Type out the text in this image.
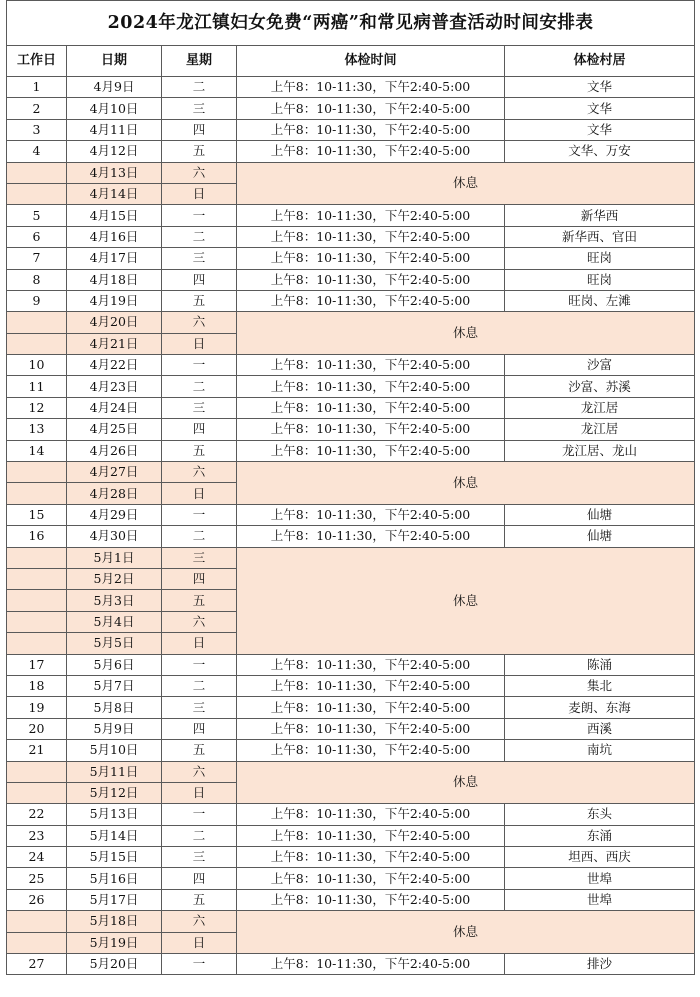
2024年龙江镇妇女免费“两癌”和常见病普查活动时间安排表				
工作日	日期	星期	体检时间	体检村居
1	4月9日	二	上午8：10-11:30，下午2:40-5:00	文华
2	4月10日	三	上午8：10-11:30，下午2:40-5:00	文华
3	4月11日	四	上午8：10-11:30，下午2:40-5:00	文华
4	4月12日	五	上午8：10-11:30，下午2:40-5:00	文华、万安
	4月13日	六	休息	
	4月14日	日		
5	4月15日	一	上午8：10-11:30，下午2:40-5:00	新华西
6	4月16日	二	上午8：10-11:30，下午2:40-5:00	新华西、官田
7	4月17日	三	上午8：10-11:30，下午2:40-5:00	旺岗
8	4月18日	四	上午8：10-11:30，下午2:40-5:00	旺岗
9	4月19日	五	上午8：10-11:30，下午2:40-5:00	旺岗、左滩
	4月20日	六	休息	
	4月21日	日		
10	4月22日	一	上午8：10-11:30，下午2:40-5:00	沙富
11	4月23日	二	上午8：10-11:30，下午2:40-5:00	沙富、苏溪
12	4月24日	三	上午8：10-11:30，下午2:40-5:00	龙江居
13	4月25日	四	上午8：10-11:30，下午2:40-5:00	龙江居
14	4月26日	五	上午8：10-11:30，下午2:40-5:00	龙江居、龙山
	4月27日	六	休息	
	4月28日	日		
15	4月29日	一	上午8：10-11:30，下午2:40-5:00	仙塘
16	4月30日	二	上午8：10-11:30，下午2:40-5:00	仙塘
	5月1日	三	休息	
	5月2日	四		
	5月3日	五		
	5月4日	六		
	5月5日	日		
17	5月6日	一	上午8：10-11:30，下午2:40-5:00	陈涌
18	5月7日	二	上午8：10-11:30，下午2:40-5:00	集北
19	5月8日	三	上午8：10-11:30，下午2:40-5:00	麦朗、东海
20	5月9日	四	上午8：10-11:30，下午2:40-5:00	西溪
21	5月10日	五	上午8：10-11:30，下午2:40-5:00	南坑
	5月11日	六	休息	
	5月12日	日		
22	5月13日	一	上午8：10-11:30，下午2:40-5:00	东头
23	5月14日	二	上午8：10-11:30，下午2:40-5:00	东涌
24	5月15日	三	上午8：10-11:30，下午2:40-5:00	坦西、西庆
25	5月16日	四	上午8：10-11:30，下午2:40-5:00	世埠
26	5月17日	五	上午8：10-11:30，下午2:40-5:00	世埠
	5月18日	六	休息	
	5月19日	日		
27	5月20日	一	上午8：10-11:30，下午2:40-5:00	排沙
